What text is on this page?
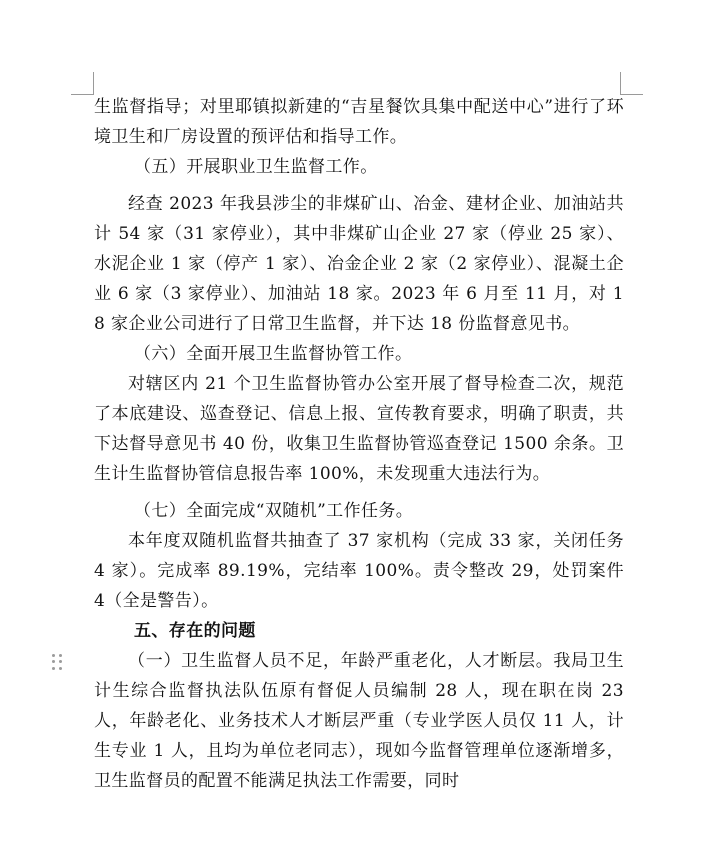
生监督指导；对里耶镇拟新建的“吉星餐饮具集中配送中心”进行了环境卫生和厂房设置的预评估和指导工作。

（五）开展职业卫生监督工作。

经查 2023 年我县涉尘的非煤矿山、冶金、建材企业、加油站共计 54 家（31 家停业），其中非煤矿山企业 27 家（停业 25 家）、水泥企业 1 家（停产 1 家）、冶金企业 2 家（2 家停业）、混凝土企业 6 家（3 家停业）、加油站 18 家。2023 年 6 月至 11 月，对 18 家企业公司进行了日常卫生监督，并下达 18 份监督意见书。

（六）全面开展卫生监督协管工作。

对辖区内 21 个卫生监督协管办公室开展了督导检查二次，规范了本底建设、巡查登记、信息上报、宣传教育要求，明确了职责，共下达督导意见书 40 份，收集卫生监督协管巡查登记 1500 余条。卫生计生监督协管信息报告率 100%，未发现重大违法行为。

（七）全面完成“双随机”工作任务。

本年度双随机监督共抽查了 37 家机构（完成 33 家，关闭任务 4 家）。完成率 89.19%，完结率 100%。责令整改 29，处罚案件 4（全是警告）。

五、存在的问题

（一）卫生监督人员不足，年龄严重老化，人才断层。我局卫生计生综合监督执法队伍原有督促人员编制 28 人，现在职在岗 23 人，年龄老化、业务技术人才断层严重（专业学医人员仅 11 人，计生专业 1 人，且均为单位老同志），现如今监督管理单位逐渐增多，卫生监督员的配置不能满足执法工作需要，同时
